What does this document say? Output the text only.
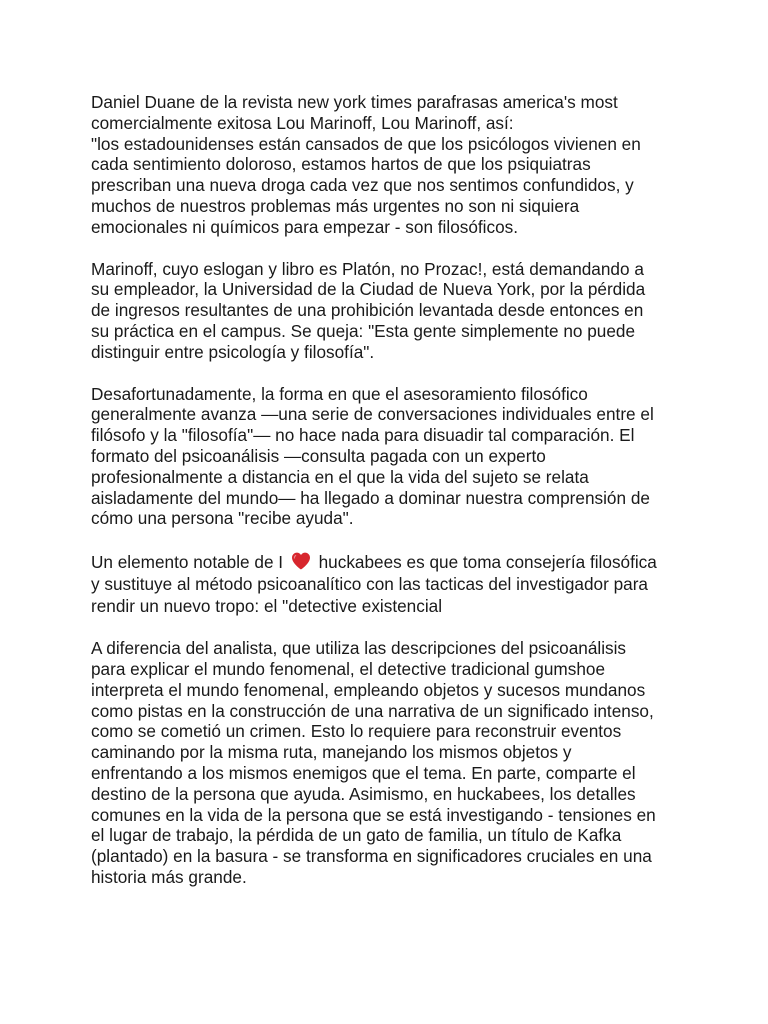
Daniel Duane de la revista new york times parafrasas america's most
comercialmente exitosa Lou Marinoff, Lou Marinoff, así:
"los estadounidenses están cansados de que los psicólogos vivienen en
cada sentimiento doloroso, estamos hartos de que los psiquiatras
prescriban una nueva droga cada vez que nos sentimos confundidos, y
muchos de nuestros problemas más urgentes no son ni siquiera
emocionales ni químicos para empezar - son filosóficos.
Marinoff, cuyo eslogan y libro es Platón, no Prozac!, está demandando a
su empleador, la Universidad de la Ciudad de Nueva York, por la pérdida
de ingresos resultantes de una prohibición levantada desde entonces en
su práctica en el campus. Se queja: "Esta gente simplemente no puede
distinguir entre psicología y filosofía".
Desafortunadamente, la forma en que el asesoramiento filosófico
generalmente avanza —una serie de conversaciones individuales entre el
filósofo y la "filosofía"— no hace nada para disuadir tal comparación. El
formato del psicoanálisis —consulta pagada con un experto
profesionalmente a distancia en el que la vida del sujeto se relata
aisladamente del mundo— ha llegado a dominar nuestra comprensión de
cómo una persona "recibe ayuda".
Un elemento notable de I
huckabees es que toma consejería filosófica
y sustituye al método psicoanalítico con las tacticas del investigador para
rendir un nuevo tropo: el "detective existencial
A diferencia del analista, que utiliza las descripciones del psicoanálisis
para explicar el mundo fenomenal, el detective tradicional gumshoe
interpreta el mundo fenomenal, empleando objetos y sucesos mundanos
como pistas en la construcción de una narrativa de un significado intenso,
como se cometió un crimen. Esto lo requiere para reconstruir eventos
caminando por la misma ruta, manejando los mismos objetos y
enfrentando a los mismos enemigos que el tema. En parte, comparte el
destino de la persona que ayuda. Asimismo, en huckabees, los detalles
comunes en la vida de la persona que se está investigando - tensiones en
el lugar de trabajo, la pérdida de un gato de familia, un título de Kafka
(plantado) en la basura - se transforma en significadores cruciales en una
historia más grande.
